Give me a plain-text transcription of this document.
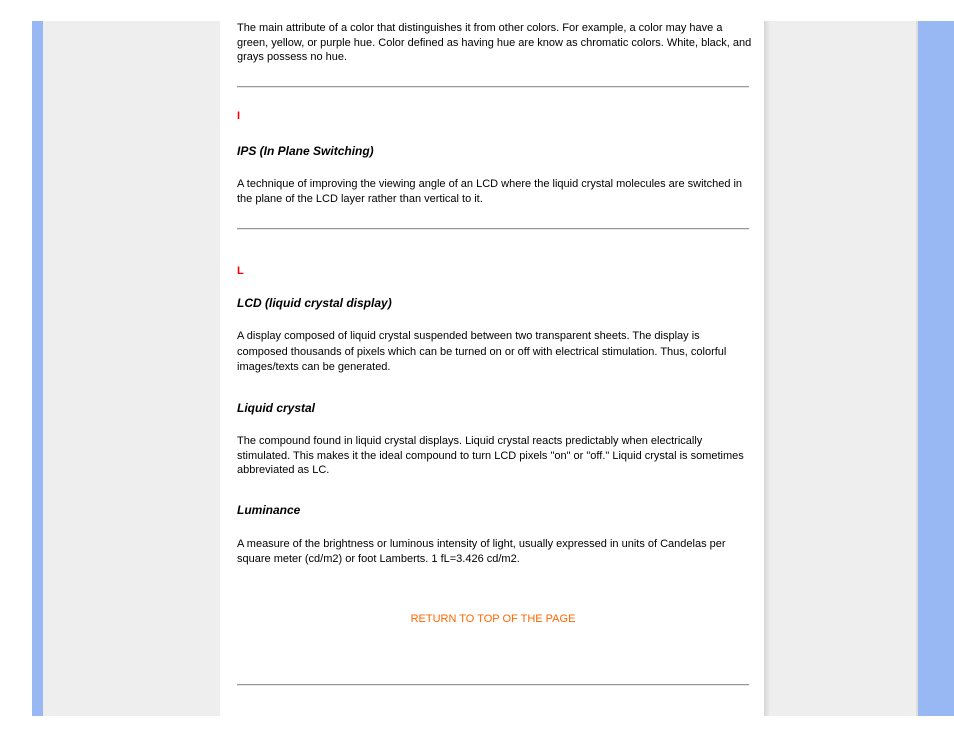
The main attribute of a color that distinguishes it from other colors. For example, a color may have a green, yellow, or purple hue. Color defined as having hue are know as chromatic colors. White, black, and grays possess no hue.

I
IPS (In Plane Switching)

A technique of improving the viewing angle of an LCD where the liquid crystal molecules are switched in the plane of the LCD layer rather than vertical to it.

L
LCD (liquid crystal display)

A display composed of liquid crystal suspended between two transparent sheets. The display is composed thousands of pixels which can be turned on or off with electrical stimulation. Thus, colorful images/texts can be generated.

Liquid crystal

The compound found in liquid crystal displays. Liquid crystal reacts predictably when electrically stimulated. This makes it the ideal compound to turn LCD pixels "on" or "off." Liquid crystal is sometimes abbreviated as LC.

Luminance

A measure of the brightness or luminous intensity of light, usually expressed in units of Candelas per square meter (cd/m2) or foot Lamberts. 1 fL=3.426 cd/m2.

RETURN TO TOP OF THE PAGE
